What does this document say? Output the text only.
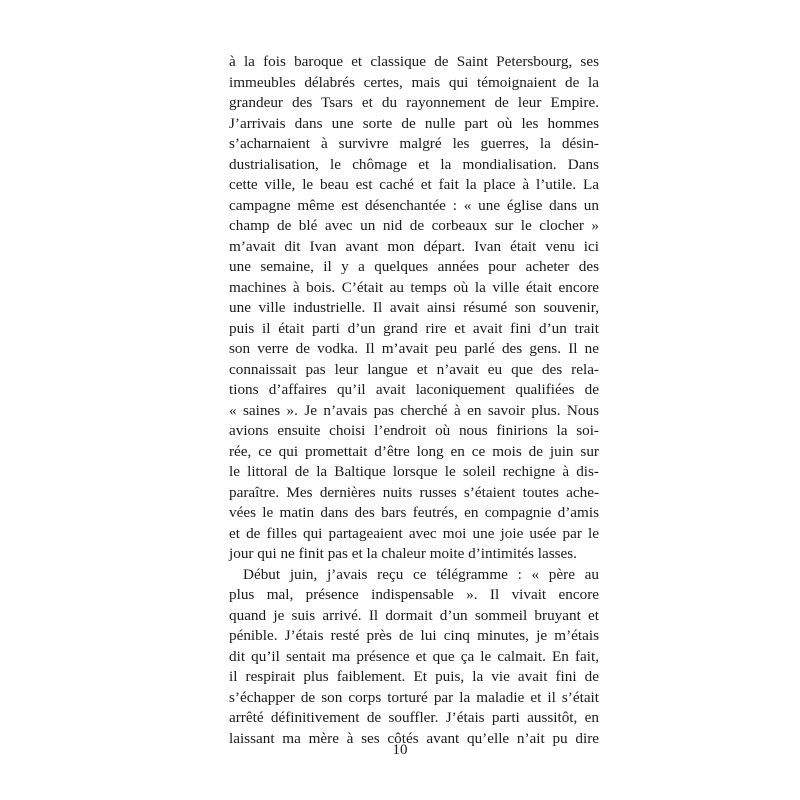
à la fois baroque et classique de Saint Petersbourg, ses
immeubles délabrés certes, mais qui témoignaient de la
grandeur des Tsars et du rayonnement de leur Empire.
J’arrivais dans une sorte de nulle part où les hommes
s’acharnaient à survivre malgré les guerres, la désin-
dustrialisation, le chômage et la mondialisation. Dans
cette ville, le beau est caché et fait la place à l’utile. La
campagne même est désenchantée : « une église dans un
champ de blé avec un nid de corbeaux sur le clocher »
m’avait dit Ivan avant mon départ. Ivan était venu ici
une semaine, il y a quelques années pour acheter des
machines à bois. C’était au temps où la ville était encore
une ville industrielle. Il avait ainsi résumé son souvenir,
puis il était parti d’un grand rire et avait fini d’un trait
son verre de vodka. Il m’avait peu parlé des gens. Il ne
connaissait pas leur langue et n’avait eu que des rela-
tions d’affaires qu’il avait laconiquement qualifiées de
« saines ». Je n’avais pas cherché à en savoir plus. Nous
avions ensuite choisi l’endroit où nous finirions la soi-
rée, ce qui promettait d’être long en ce mois de juin sur
le littoral de la Baltique lorsque le soleil rechigne à dis-
paraître. Mes dernières nuits russes s’étaient toutes ache-
vées le matin dans des bars feutrés, en compagnie d’amis
et de filles qui partageaient avec moi une joie usée par le
jour qui ne finit pas et la chaleur moite d’intimités lasses.
Début juin, j’avais reçu ce télégramme : « père au
plus mal, présence indispensable ». Il vivait encore
quand je suis arrivé. Il dormait d’un sommeil bruyant et
pénible. J’étais resté près de lui cinq minutes, je m’étais
dit qu’il sentait ma présence et que ça le calmait. En fait,
il respirait plus faiblement. Et puis, la vie avait fini de
s’échapper de son corps torturé par la maladie et il s’était
arrêté définitivement de souffler. J’étais parti aussitôt, en
laissant ma mère à ses côtés avant qu’elle n’ait pu dire
10
